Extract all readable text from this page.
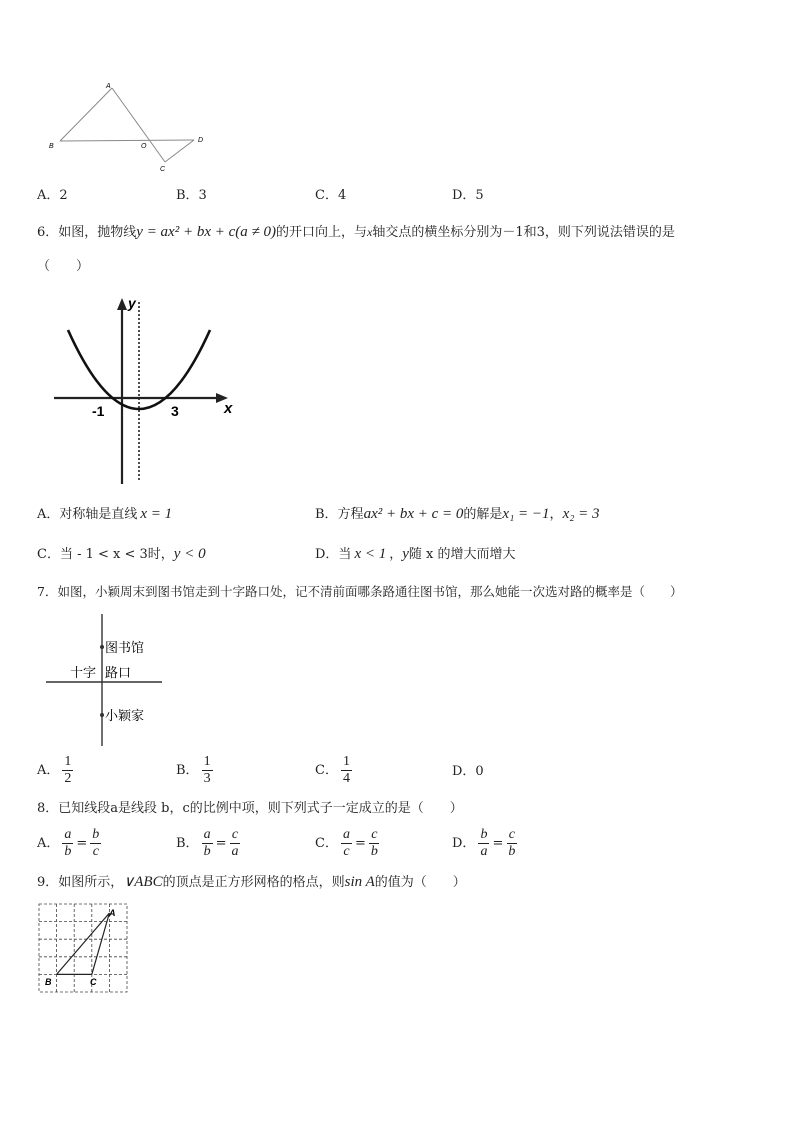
A
B	O
D
C
A．2	B．3	C．4	D．5
6．如图，抛物线y = ax² + bx + c(a ≠ 0)的开口向上，与x轴交点的横坐标分别为－1和3，则下列说法错误的是
（　　）
y
x
-1	3
A．对称轴是直线 x = 1	B．方程ax² + bx + c = 0的解是x₁ = −1，x₂ = 3
C．当 - 1 < x < 3时，y < 0	D．当 x < 1 ，y随 x 的增大而增大
7．如图，小颖周末到图书馆走到十字路口处，记不清前面哪条路通往图书馆，那么她能一次选对路的概率是（　　）
图书馆
十字 路口
小颖家
A． $\frac{1}{2}$	B． $\frac{1}{3}$	C． $\frac{1}{4}$	D．0
8．已知线段a是线段 b，c的比例中项，则下列式子一定成立的是（　　）
A． $\frac{a}{b} = \frac{b}{c}$	B． $\frac{a}{b} = \frac{c}{a}$	C． $\frac{a}{c} = \frac{c}{b}$	D． $\frac{b}{a} = \frac{c}{b}$
9．如图所示，∨ABC的顶点是正方形网格的格点，则sin A的值为（　　）
A
B	C
